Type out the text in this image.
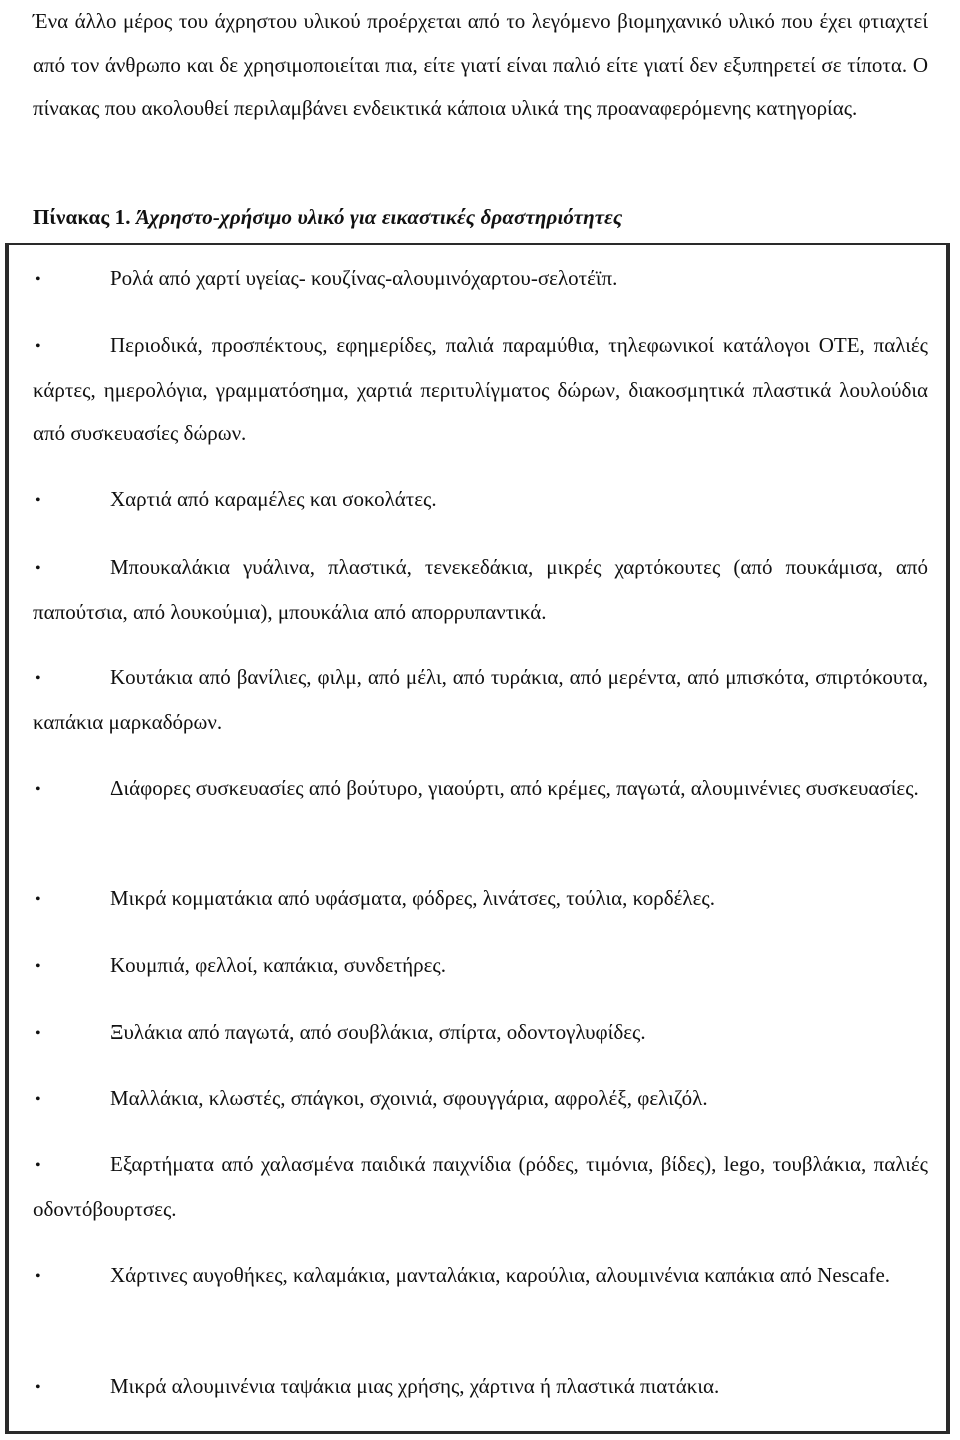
Ένα άλλο μέρος του άχρηστου υλικού προέρχεται από το λεγόμενο βιομηχανικό υλικό που έχει φτιαχτεί από τον άνθρωπο και δε χρησιμοποιείται πια, είτε γιατί είναι παλιό είτε γιατί δεν εξυπηρετεί σε τίποτα. Ο πίνακας που ακολουθεί περιλαμβάνει ενδεικτικά κάποια υλικά της προαναφερόμενης κατηγορίας.

Πίνακας 1. Άχρηστο-χρήσιμο υλικό για εικαστικές δραστηριότητες

•	Ρολά από χαρτί υγείας- κουζίνας-αλουμινόχαρτου-σελοτέϊπ.

•	Περιοδικά, προσπέκτους, εφημερίδες, παλιά παραμύθια, τηλεφωνικοί κατάλογοι ΟΤΕ, παλιές κάρτες, ημερολόγια, γραμματόσημα, χαρτιά περιτυλίγματος δώρων, διακοσμητικά πλαστικά λουλούδια από συσκευασίες δώρων.

•	Χαρτιά από καραμέλες και σοκολάτες.

•	Μπουκαλάκια γυάλινα, πλαστικά, τενεκεδάκια, μικρές χαρτόκουτες (από πουκάμισα, από παπούτσια, από λουκούμια), μπουκάλια από απορρυπαντικά.

•	Κουτάκια από βανίλιες, φιλμ, από μέλι, από τυράκια, από μερέντα, από μπισκότα, σπιρτόκουτα, καπάκια μαρκαδόρων.

•	Διάφορες συσκευασίες από βούτυρο, γιαούρτι, από κρέμες, παγωτά, αλουμινένιες συσκευασίες.

•	Μικρά κομματάκια από υφάσματα, φόδρες, λινάτσες, τούλια, κορδέλες.

•	Κουμπιά, φελλοί, καπάκια, συνδετήρες.

•	Ξυλάκια από παγωτά, από σουβλάκια, σπίρτα, οδοντογλυφίδες.

•	Μαλλάκια, κλωστές, σπάγκοι, σχοινιά, σφουγγάρια, αφρολέξ, φελιζόλ.

•	Εξαρτήματα από χαλασμένα παιδικά παιχνίδια (ρόδες, τιμόνια, βίδες), lego, τουβλάκια, παλιές οδοντόβουρτσες.

•	Χάρτινες αυγοθήκες, καλαμάκια, μανταλάκια, καρούλια, αλουμινένια καπάκια από Nescafe.

•	Μικρά αλουμινένια ταψάκια μιας χρήσης, χάρτινα ή πλαστικά πιατάκια.
